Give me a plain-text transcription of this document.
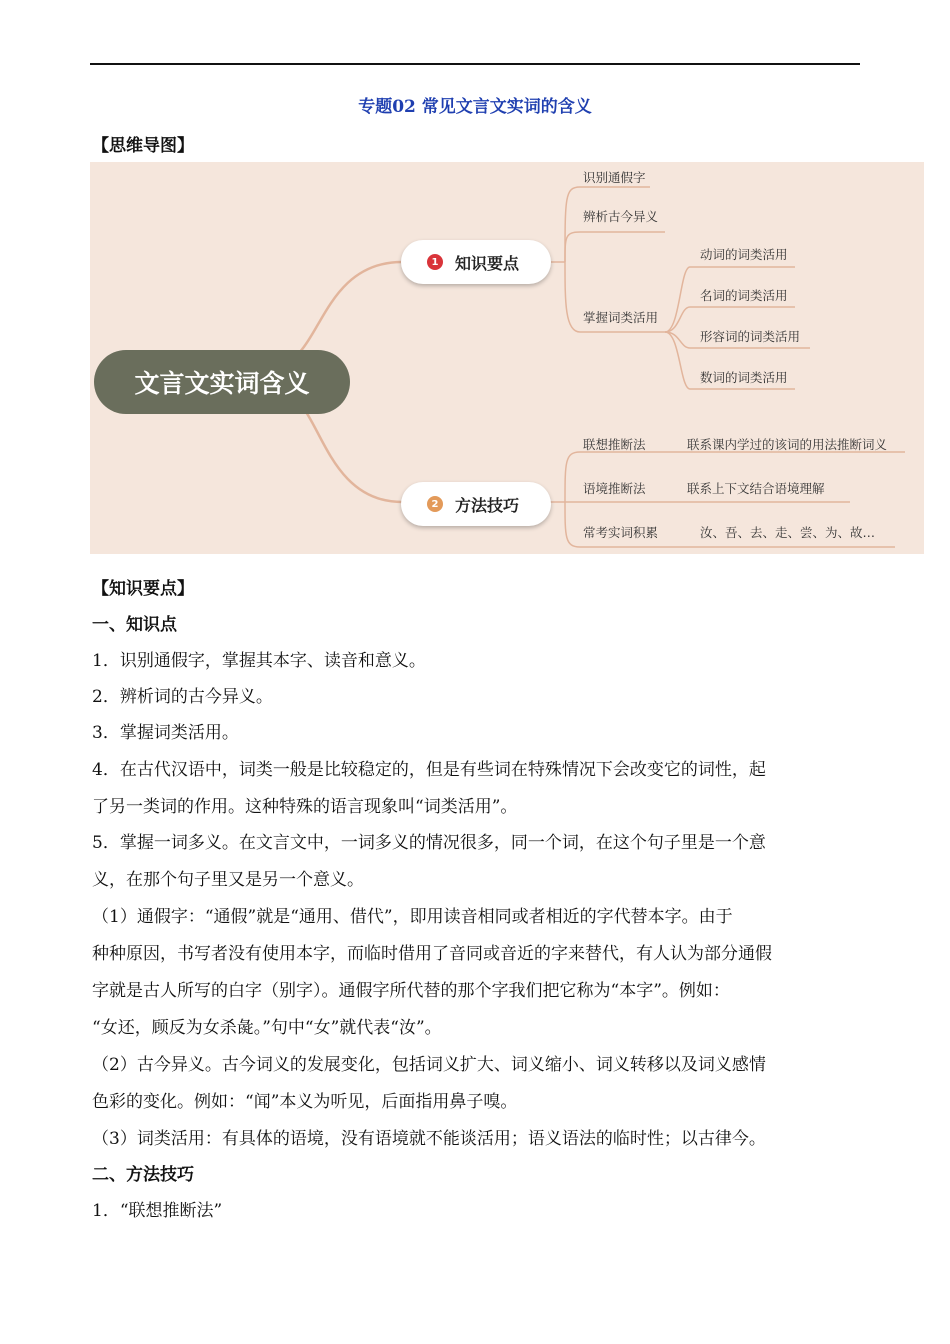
专题02 常见文言文实词的含义
【思维导图】
文言文实词含义
1 知识要点
2 方法技巧
识别通假字
辨析古今异义
掌握词类活用
动词的词类活用
名词的词类活用
形容词的词类活用
数词的词类活用
联想推断法
语境推断法
常考实词积累
联系课内学过的该词的用法推断词义
联系上下文结合语境理解
汝、吾、去、走、尝、为、故…
【知识要点】
一、知识点
1．识别通假字，掌握其本字、读音和意义。
2．辨析词的古今异义。
3．掌握词类活用。
4．在古代汉语中，词类一般是比较稳定的，但是有些词在特殊情况下会改变它的词性，起
了另一类词的作用。这种特殊的语言现象叫“词类活用”。
5．掌握一词多义。在文言文中，一词多义的情况很多，同一个词，在这个句子里是一个意
义，在那个句子里又是另一个意义。
（1）通假字：“通假”就是“通用、借代”，即用读音相同或者相近的字代替本字。由于
种种原因，书写者没有使用本字，而临时借用了音同或音近的字来替代，有人认为部分通假
字就是古人所写的白字（别字）。通假字所代替的那个字我们把它称为“本字”。例如：
“女还，顾反为女杀彘。”句中“女”就代表“汝”。
（2）古今异义。古今词义的发展变化，包括词义扩大、词义缩小、词义转移以及词义感情
色彩的变化。例如：“闻”本义为听见，后面指用鼻子嗅。
（3）词类活用：有具体的语境，没有语境就不能谈活用；语义语法的临时性；以古律今。
二、方法技巧
1．“联想推断法”
